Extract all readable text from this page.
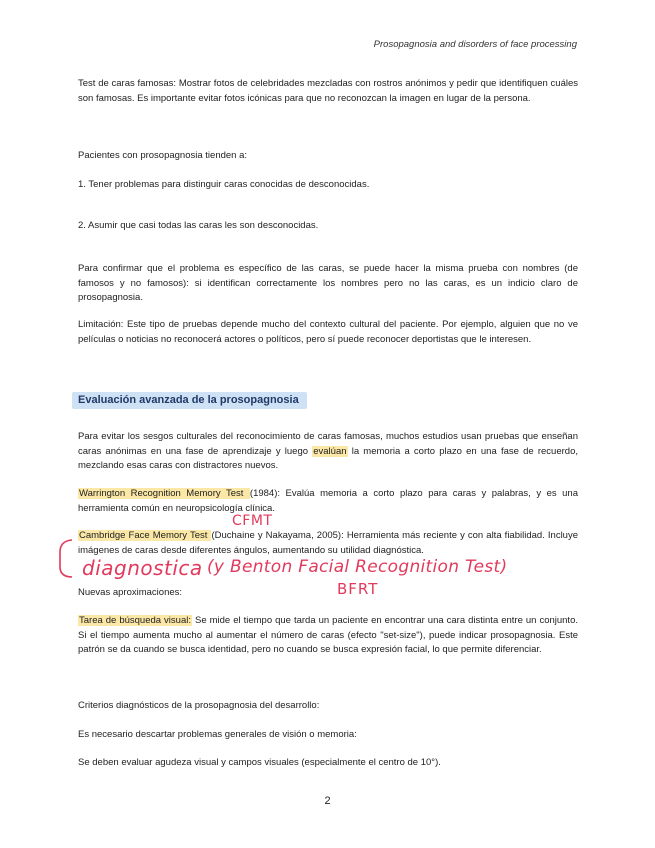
Prosopagnosia and disorders of face processing
Test de caras famosas: Mostrar fotos de celebridades mezcladas con rostros anónimos y pedir que identifiquen cuáles son famosas. Es importante evitar fotos icónicas para que no reconozcan la imagen en lugar de la persona.
Pacientes con prosopagnosia tienden a:
1. Tener problemas para distinguir caras conocidas de desconocidas.
2. Asumir que casi todas las caras les son desconocidas.
Para confirmar que el problema es específico de las caras, se puede hacer la misma prueba con nombres (de famosos y no famosos): si identifican correctamente los nombres pero no las caras, es un indicio claro de prosopagnosia.
Limitación: Este tipo de pruebas depende mucho del contexto cultural del paciente. Por ejemplo, alguien que no ve películas o noticias no reconocerá actores o políticos, pero sí puede reconocer deportistas que le interesen.
Evaluación avanzada de la prosopagnosia
Para evitar los sesgos culturales del reconocimiento de caras famosas, muchos estudios usan pruebas que enseñan caras anónimas en una fase de aprendizaje y luego evalúan la memoria a corto plazo en una fase de recuerdo, mezclando esas caras con distractores nuevos.
Warrington Recognition Memory Test (1984): Evalúa memoria a corto plazo para caras y palabras, y es una herramienta común en neuropsicología clínica.
Cambridge Face Memory Test (Duchaine y Nakayama, 2005): Herramienta más reciente y con alta fiabilidad. Incluye imágenes de caras desde diferentes ángulos, aumentando su utilidad diagnóstica.
Nuevas aproximaciones:
Tarea de búsqueda visual: Se mide el tiempo que tarda un paciente en encontrar una cara distinta entre un conjunto. Si el tiempo aumenta mucho al aumentar el número de caras (efecto "set-size"), puede indicar prosopagnosia. Este patrón se da cuando se busca identidad, pero no cuando se busca expresión facial, lo que permite diferenciar.
Criterios diagnósticos de la prosopagnosia del desarrollo:
Es necesario descartar problemas generales de visión o memoria:
Se deben evaluar agudeza visual y campos visuales (especialmente el centro de 10°).
CFMT
diagnostica (y Benton Facial Recognition Test)
BFRT
2
